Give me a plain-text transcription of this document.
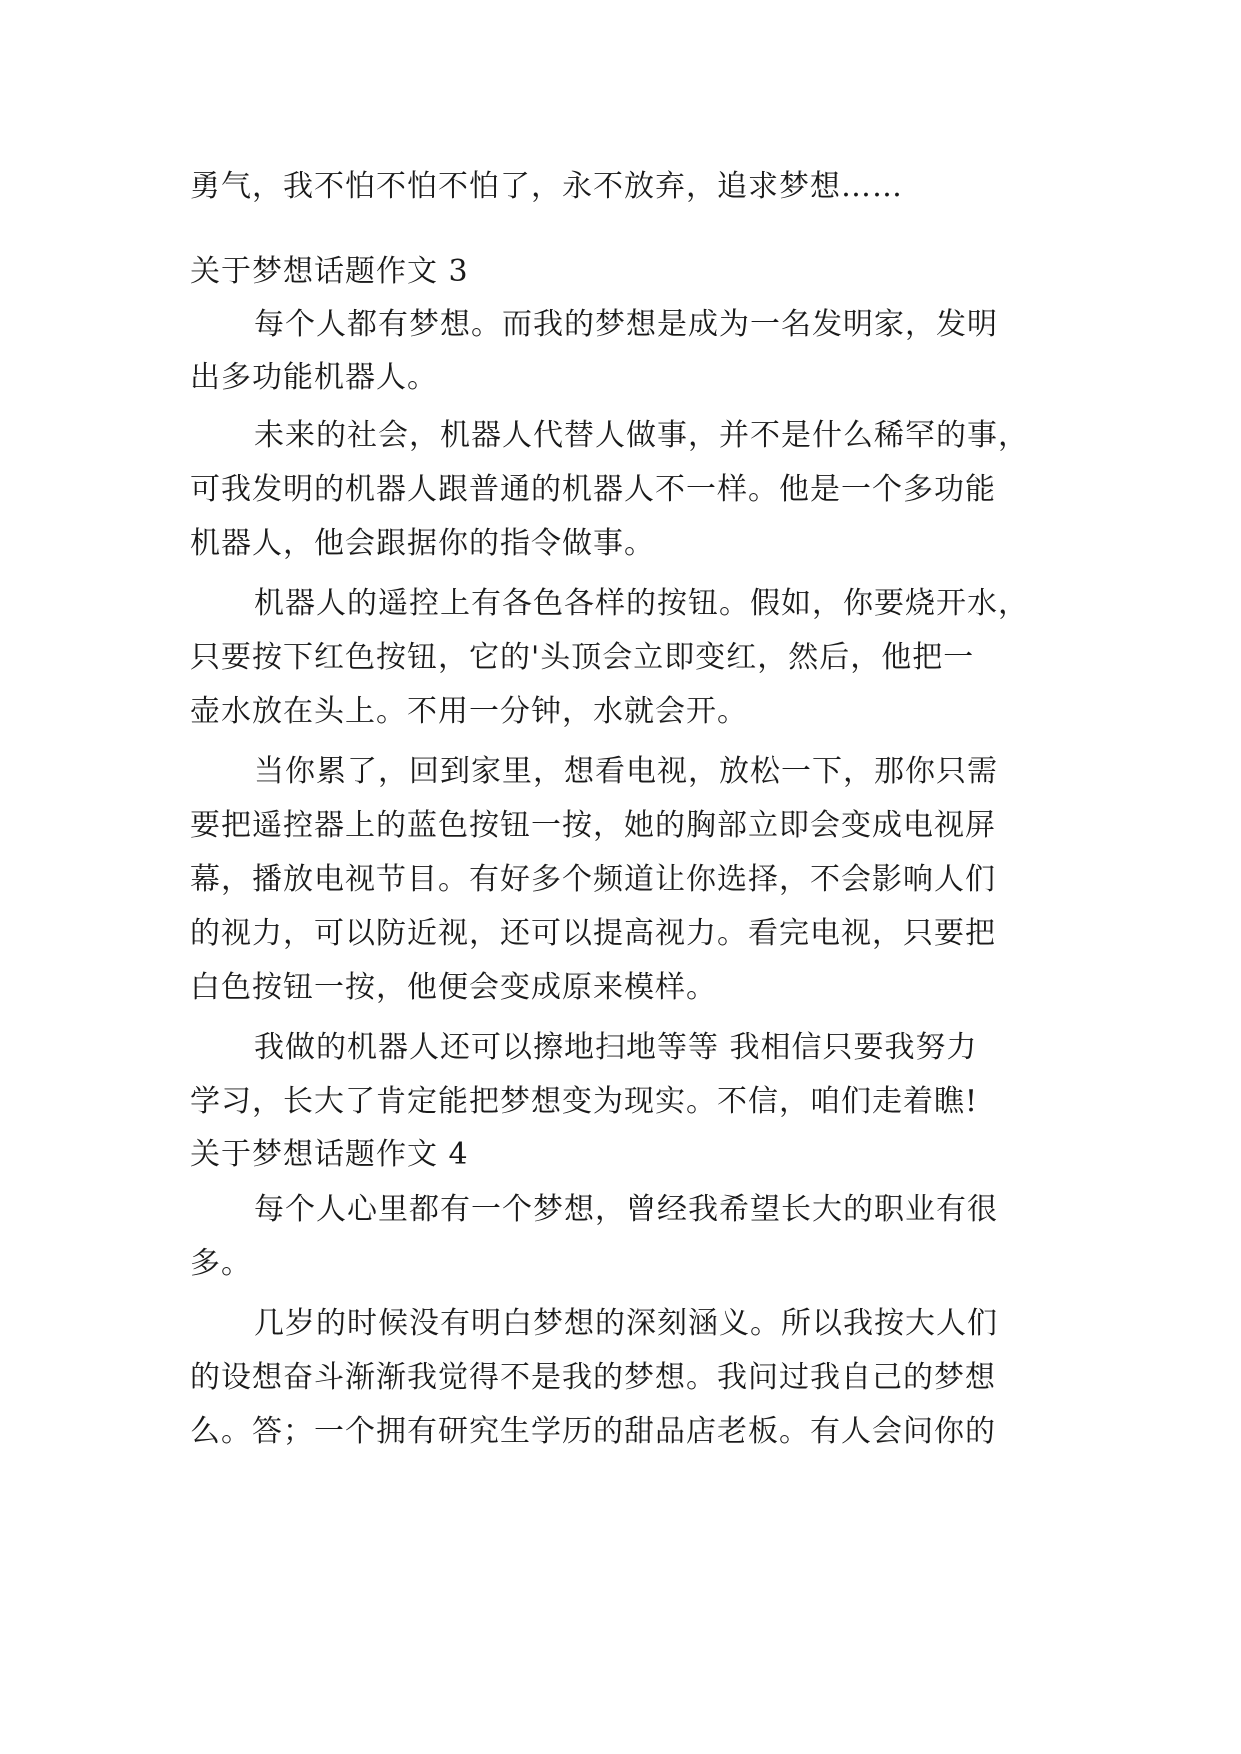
勇气，我不怕不怕不怕了，永不放弃，追求梦想……
关于梦想话题作文 3
每个人都有梦想。而我的梦想是成为一名发明家，发明
出多功能机器人。
未来的社会，机器人代替人做事，并不是什么稀罕的事，
可我发明的机器人跟普通的机器人不一样。他是一个多功能
机器人，他会跟据你的指令做事。
机器人的遥控上有各色各样的按钮。假如，你要烧开水，
只要按下红色按钮，它的'头顶会立即变红，然后，他把一
壶水放在头上。不用一分钟，水就会开。
当你累了，回到家里，想看电视，放松一下，那你只需
要把遥控器上的蓝色按钮一按，她的胸部立即会变成电视屏
幕，播放电视节目。有好多个频道让你选择，不会影响人们
的视力，可以防近视，还可以提高视力。看完电视，只要把
白色按钮一按，他便会变成原来模样。
我做的机器人还可以擦地扫地等等 我相信只要我努力
学习，长大了肯定能把梦想变为现实。不信，咱们走着瞧!
关于梦想话题作文 4
每个人心里都有一个梦想，曾经我希望长大的职业有很
多。
几岁的时候没有明白梦想的深刻涵义。所以我按大人们
的设想奋斗渐渐我觉得不是我的梦想。我问过我自己的梦想
么。答；一个拥有研究生学历的甜品店老板。有人会问你的
